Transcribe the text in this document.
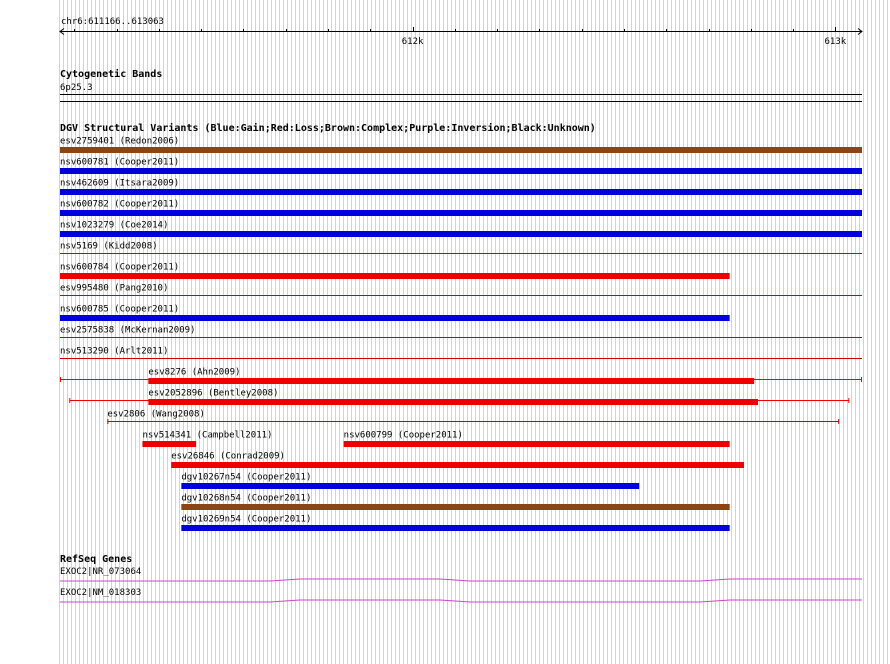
chr6:611166..613063
612k	613k
Cytogenetic Bands
6p25.3
DGV Structural Variants (Blue:Gain;Red:Loss;Brown:Complex;Purple:Inversion;Black:Unknown)
esv2759401 (Redon2006)
nsv600781 (Cooper2011)
nsv462609 (Itsara2009)
nsv600782 (Cooper2011)
nsv1023279 (Coe2014)
nsv5169 (Kidd2008)
nsv600784 (Cooper2011)
esv995480 (Pang2010)
nsv600785 (Cooper2011)
esv2575838 (McKernan2009)
nsv513290 (Arlt2011)
esv8276 (Ahn2009)
esv2052896 (Bentley2008)
esv2806 (Wang2008)
nsv514341 (Campbell2011)	nsv600799 (Cooper2011)
esv26846 (Conrad2009)
dgv10267n54 (Cooper2011)
dgv10268n54 (Cooper2011)
dgv10269n54 (Cooper2011)
RefSeq Genes
EXOC2|NR_073064
EXOC2|NM_018303
